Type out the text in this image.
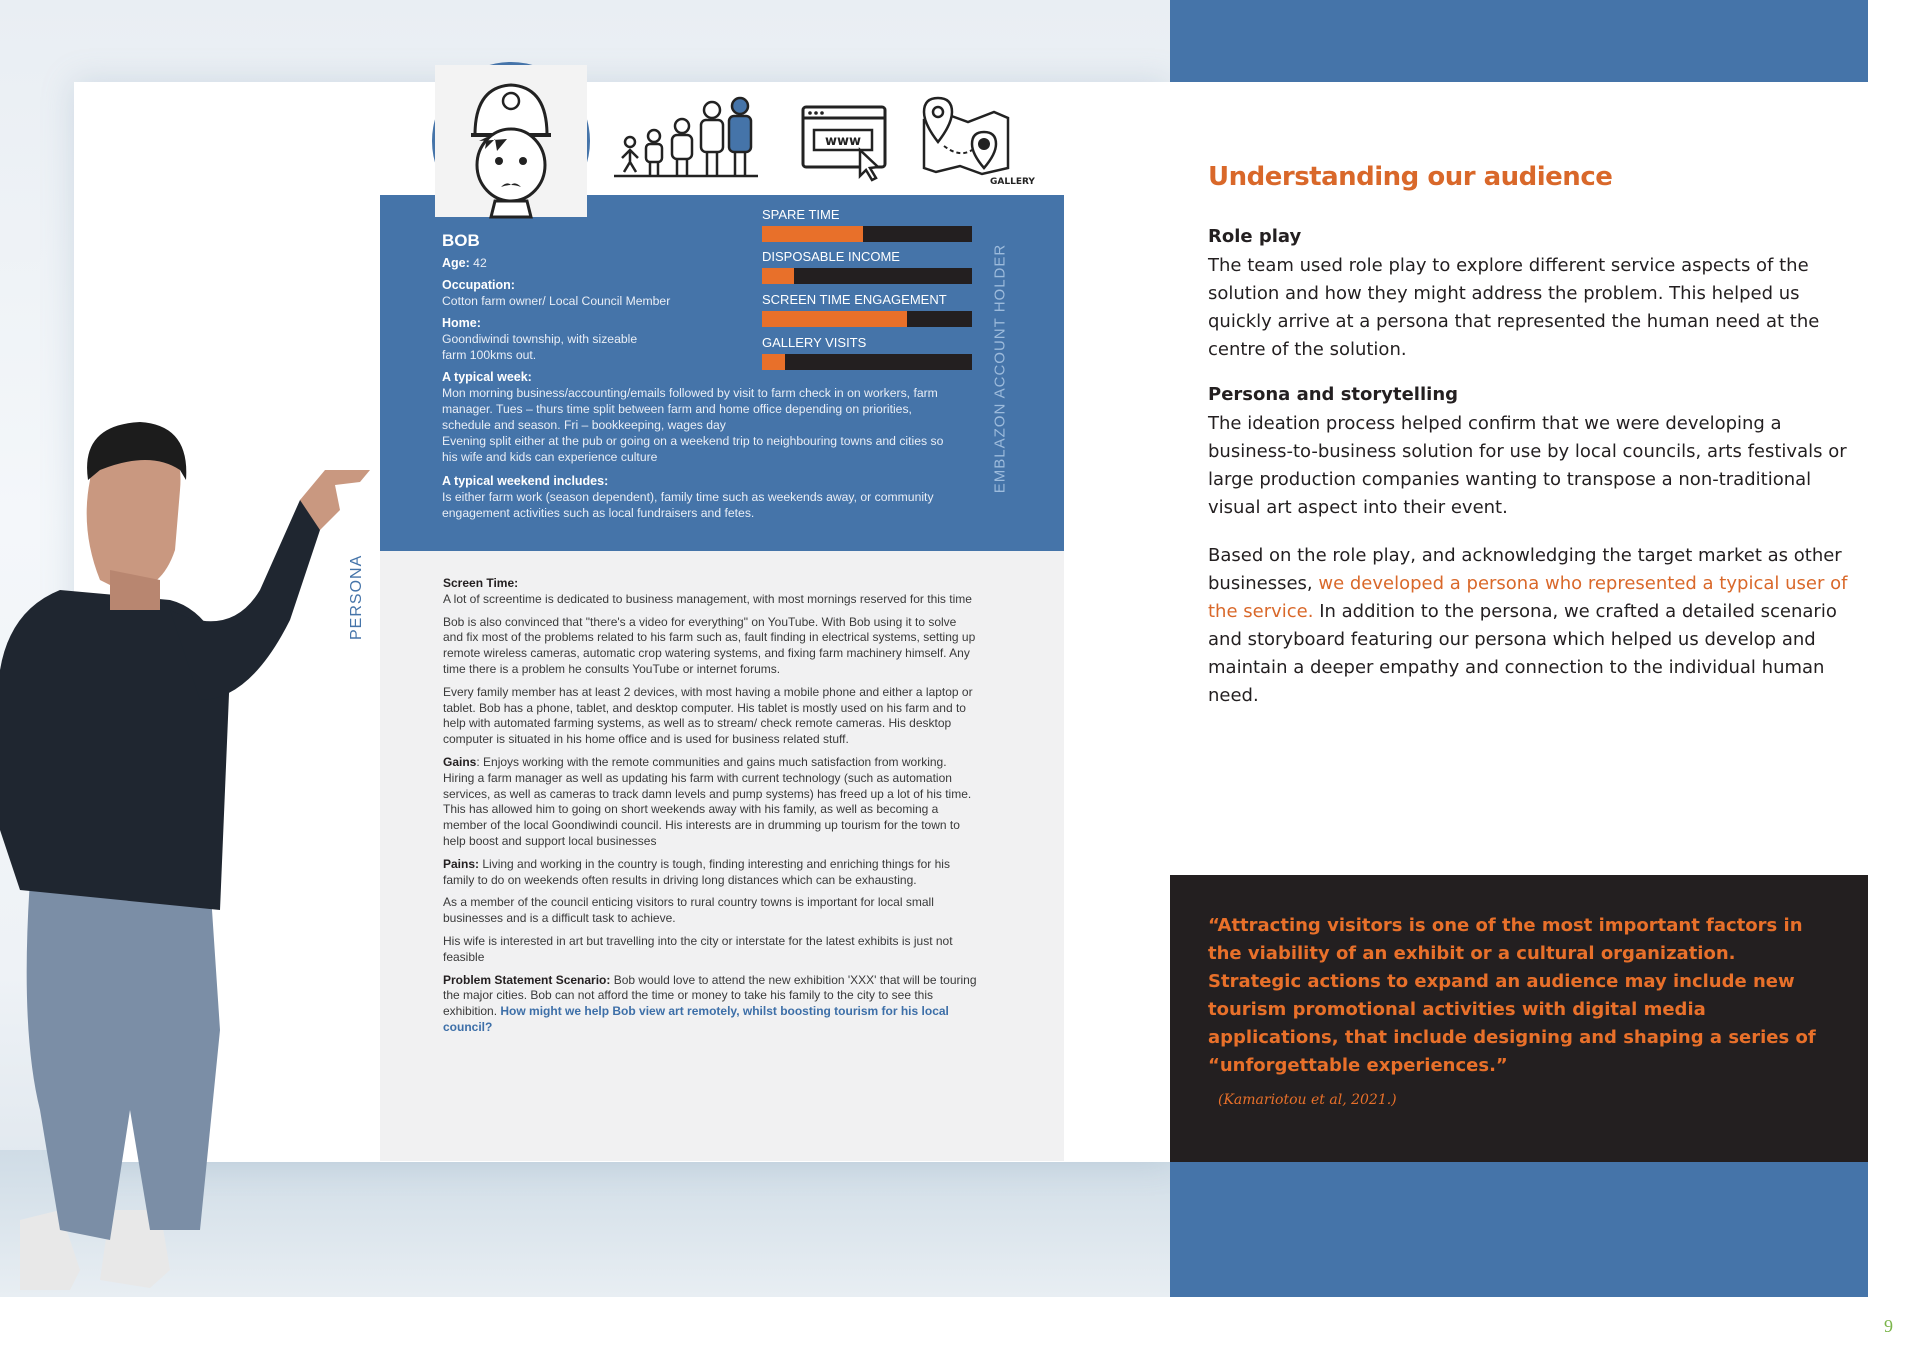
BOB
Age: 42
Occupation:
Cotton farm owner/ Local Council Member
Home:
Goondiwindi township, with sizeable
farm 100kms out.
A typical week:
Mon morning business/accounting/emails followed by visit to farm check in on workers, farm manager. Tues – thurs time split between farm and home office depending on priorities, schedule and season. Fri – bookkeeping, wages day
Evening split either at the pub or going on a weekend trip to neighbouring towns and cities so his wife and kids can experience culture
A typical weekend includes:
Is either farm work (season dependent), family time such as weekends away, or community engagement activities such as local fundraisers and fetes.
SPARE TIME
DISPOSABLE INCOME
SCREEN TIME ENGAGEMENT
GALLERY VISITS	EMBLAZON ACCOUNT HOLDER
PERSONA	Screen Time:
A lot of screentime is dedicated to business management, with most mornings reserved for this time

Bob is also convinced that "there's a video for everything" on YouTube. With Bob using it to solve and fix most of the problems related to his farm such as, fault finding in electrical systems, setting up remote wireless cameras, automatic crop watering systems, and fixing farm machinery himself. Any time there is a problem he consults YouTube or internet forums.

Every family member has at least 2 devices, with most having a mobile phone and either a laptop or tablet. Bob has a phone, tablet, and desktop computer. His tablet is mostly used on his farm and to help with automated farming systems, as well as to stream/ check remote cameras. His desktop computer is situated in his home office and is used for business related stuff.

Gains: Enjoys working with the remote communities and gains much satisfaction from working. Hiring a farm manager as well as updating his farm with current technology (such as automation services, as well as cameras to track damn levels and pump systems) has freed up a lot of his time. This has allowed him to going on short weekends away with his family, as well as becoming a member of the local Goondiwindi council. His interests are in drumming up tourism for the town to help boost and support local businesses

Pains: Living and working in the country is tough, finding interesting and enriching things for his family to do on weekends often results in driving long distances which can be exhausting.

As a member of the council enticing visitors to rural country towns is important for local small businesses and is a difficult task to achieve.

His wife is interested in art but travelling into the city or interstate for the latest exhibits is just not feasible

Problem Statement Scenario: Bob would love to attend the new exhibition 'XXX' that will be touring the major cities. Bob can not afford the time or money to take his family to the city to see this exhibition. How might we help Bob view art remotely, whilst boosting tourism for his local council?

www
GALLERY	Understanding our audience
Role play
The team used role play to explore different service aspects of the solution and how they might address the problem. This helped us quickly arrive at a persona that represented the human need at the centre of the solution.
Persona and storytelling
The ideation process helped confirm that we were developing a business-to-business solution for use by local councils, arts festivals or large production companies wanting to transpose a non-traditional visual art aspect into their event.
Based on the role play, and acknowledging the target market as other businesses, we developed a persona who represented a typical user of the service. In addition to the persona, we crafted a detailed scenario and storyboard featuring our persona which helped us develop and maintain a deeper empathy and connection to the individual human need.
“Attracting visitors is one of the most important factors in the viability of an exhibit or a cultural organization. Strategic actions to expand an audience may include new tourism promotional activities with digital media applications, that include designing and shaping a series of “unforgettable experiences.”
(Kamariotou et al, 2021.)
9
